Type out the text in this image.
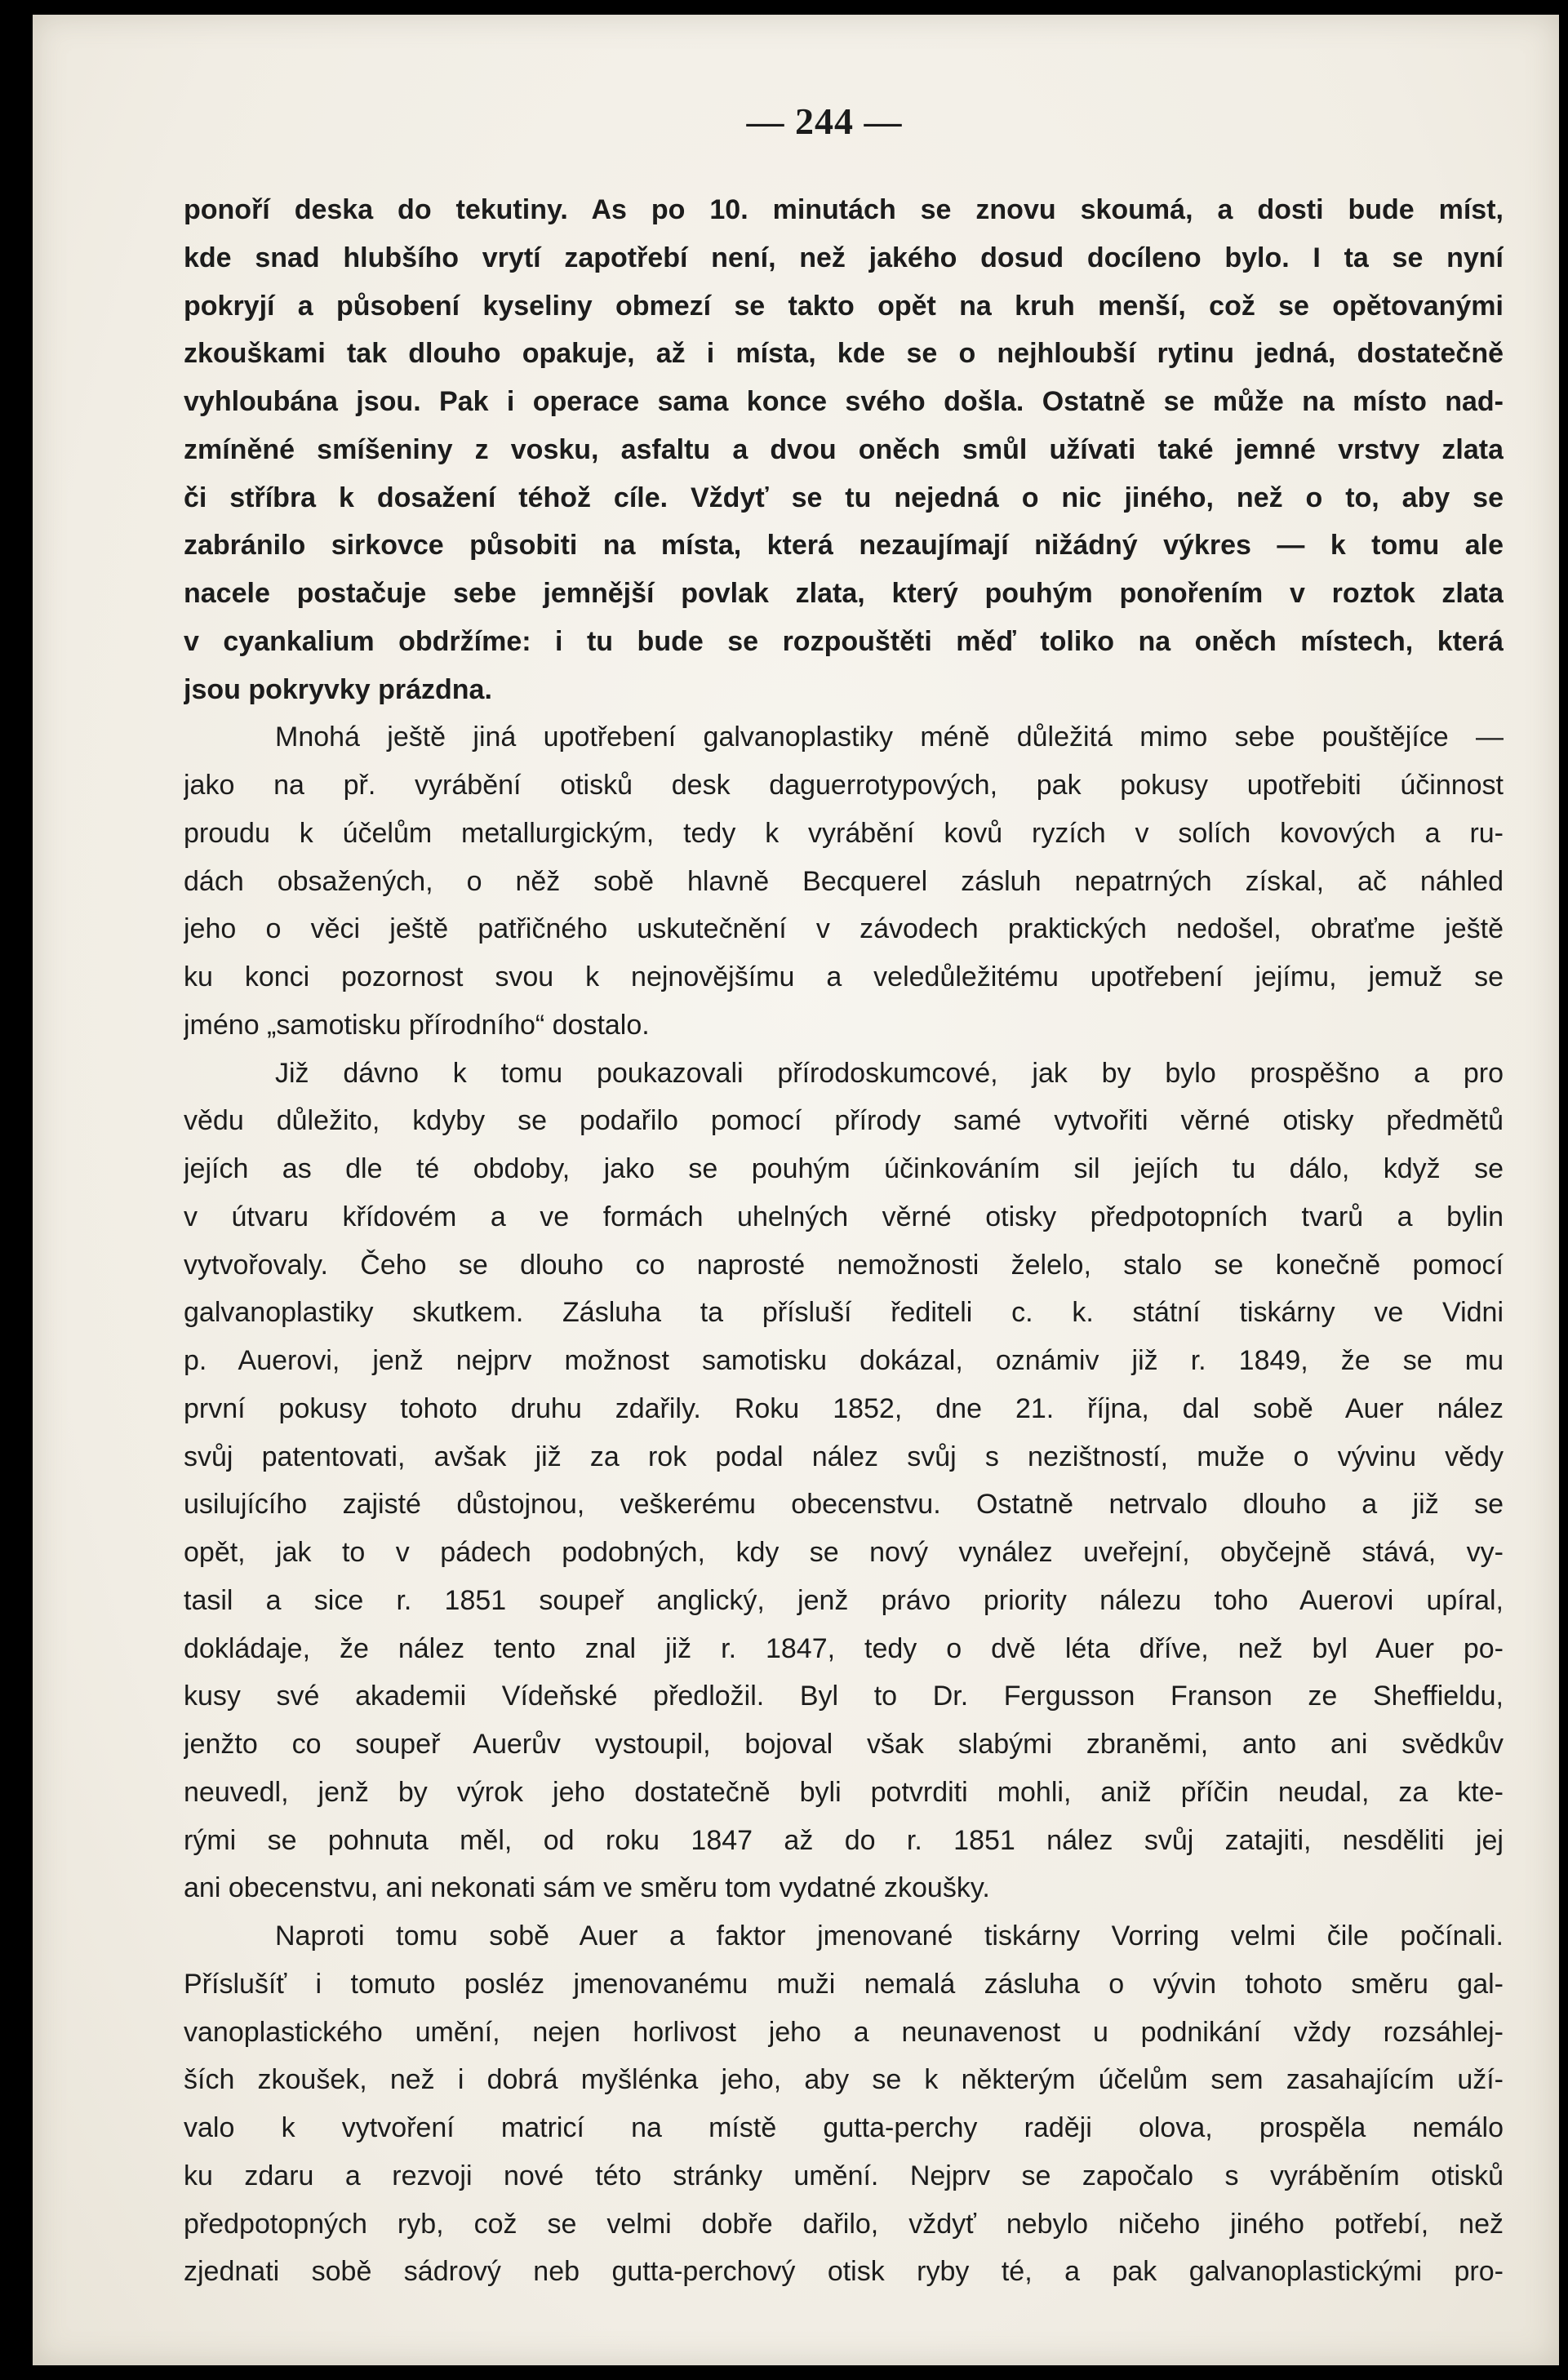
— 244 —
ponoří deska do tekutiny. As po 10. minutách se znovu skoumá, a dosti bude míst,
kde snad hlubšího vrytí zapotřebí není, než jakého dosud docíleno bylo. I ta se nyní
pokryjí a působení kyseliny obmezí se takto opět na kruh menší, což se opětovanými
zkouškami tak dlouho opakuje, až i místa, kde se o nejhloubší rytinu jedná, dostatečně
vyhloubána jsou. Pak i operace sama konce svého došla. Ostatně se může na místo nad-
zmíněné smíšeniny z vosku, asfaltu a dvou oněch smůl užívati také jemné vrstvy zlata
či stříbra k dosažení téhož cíle. Vždyť se tu nejedná o nic jiného, než o to, aby se
zabránilo sirkovce působiti na místa, která nezaujímají nižádný výkres — k tomu ale
nacele postačuje sebe jemnější povlak zlata, který pouhým ponořením v roztok zlata
v cyankalium obdržíme: i tu bude se rozpouštěti měď toliko na oněch místech, která
jsou pokryvky prázdna.
Mnohá ještě jiná upotřebení galvanoplastiky méně důležitá mimo sebe pouštějíce —
jako na př. vyrábění otisků desk daguerrotypových, pak pokusy upotřebiti účinnost
proudu k účelům metallurgickým, tedy k vyrábění kovů ryzích v solích kovových a ru-
dách obsažených, o něž sobě hlavně Becquerel zásluh nepatrných získal, ač náhled
jeho o věci ještě patřičného uskutečnění v závodech praktických nedošel, obraťme ještě
ku konci pozornost svou k nejnovějšímu a veledůležitému upotřebení jejímu, jemuž se
jméno „samotisku přírodního“ dostalo.
Již dávno k tomu poukazovali přírodoskumcové, jak by bylo prospěšno a pro
vědu důležito, kdyby se podařilo pomocí přírody samé vytvořiti věrné otisky předmětů
jejích as dle té obdoby, jako se pouhým účinkováním sil jejích tu dálo, když se
v útvaru křídovém a ve formách uhelných věrné otisky předpotopních tvarů a bylin
vytvořovaly. Čeho se dlouho co naprosté nemožnosti želelo, stalo se konečně pomocí
galvanoplastiky skutkem. Zásluha ta přísluší řediteli c. k. státní tiskárny ve Vidni
p. Auerovi, jenž nejprv možnost samotisku dokázal, oznámiv již r. 1849, že se mu
první pokusy tohoto druhu zdařily. Roku 1852, dne 21. října, dal sobě Auer nález
svůj patentovati, avšak již za rok podal nález svůj s nezištností, muže o vývinu vědy
usilujícího zajisté důstojnou, veškerému obecenstvu. Ostatně netrvalo dlouho a již se
opět, jak to v pádech podobných, kdy se nový vynález uveřejní, obyčejně stává, vy-
tasil a sice r. 1851 soupeř anglický, jenž právo priority nálezu toho Auerovi upíral,
dokládaje, že nález tento znal již r. 1847, tedy o dvě léta dříve, než byl Auer po-
kusy své akademii Vídeňské předložil. Byl to Dr. Fergusson Franson ze Sheffieldu,
jenžto co soupeř Auerův vystoupil, bojoval však slabými zbraněmi, anto ani svědkův
neuvedl, jenž by výrok jeho dostatečně byli potvrditi mohli, aniž příčin neudal, za kte-
rými se pohnuta měl, od roku 1847 až do r. 1851 nález svůj zatajiti, nesděliti jej
ani obecenstvu, ani nekonati sám ve směru tom vydatné zkoušky.
Naproti tomu sobě Auer a faktor jmenované tiskárny Vorring velmi čile počínali.
Příslušíť i tomuto posléz jmenovanému muži nemalá zásluha o vývin tohoto směru gal-
vanoplastického umění, nejen horlivost jeho a neunavenost u podnikání vždy rozsáhlej-
ších zkoušek, než i dobrá myšlénka jeho, aby se k některým účelům sem zasahajícím uží-
valo k vytvoření matricí na místě gutta-perchy raději olova, prospěla nemálo
ku zdaru a rezvoji nové této stránky umění. Nejprv se započalo s vyráběním otisků
předpotopných ryb, což se velmi dobře dařilo, vždyť nebylo ničeho jiného potřebí, než
zjednati sobě sádrový neb gutta-perchový otisk ryby té, a pak galvanoplastickými pro-
